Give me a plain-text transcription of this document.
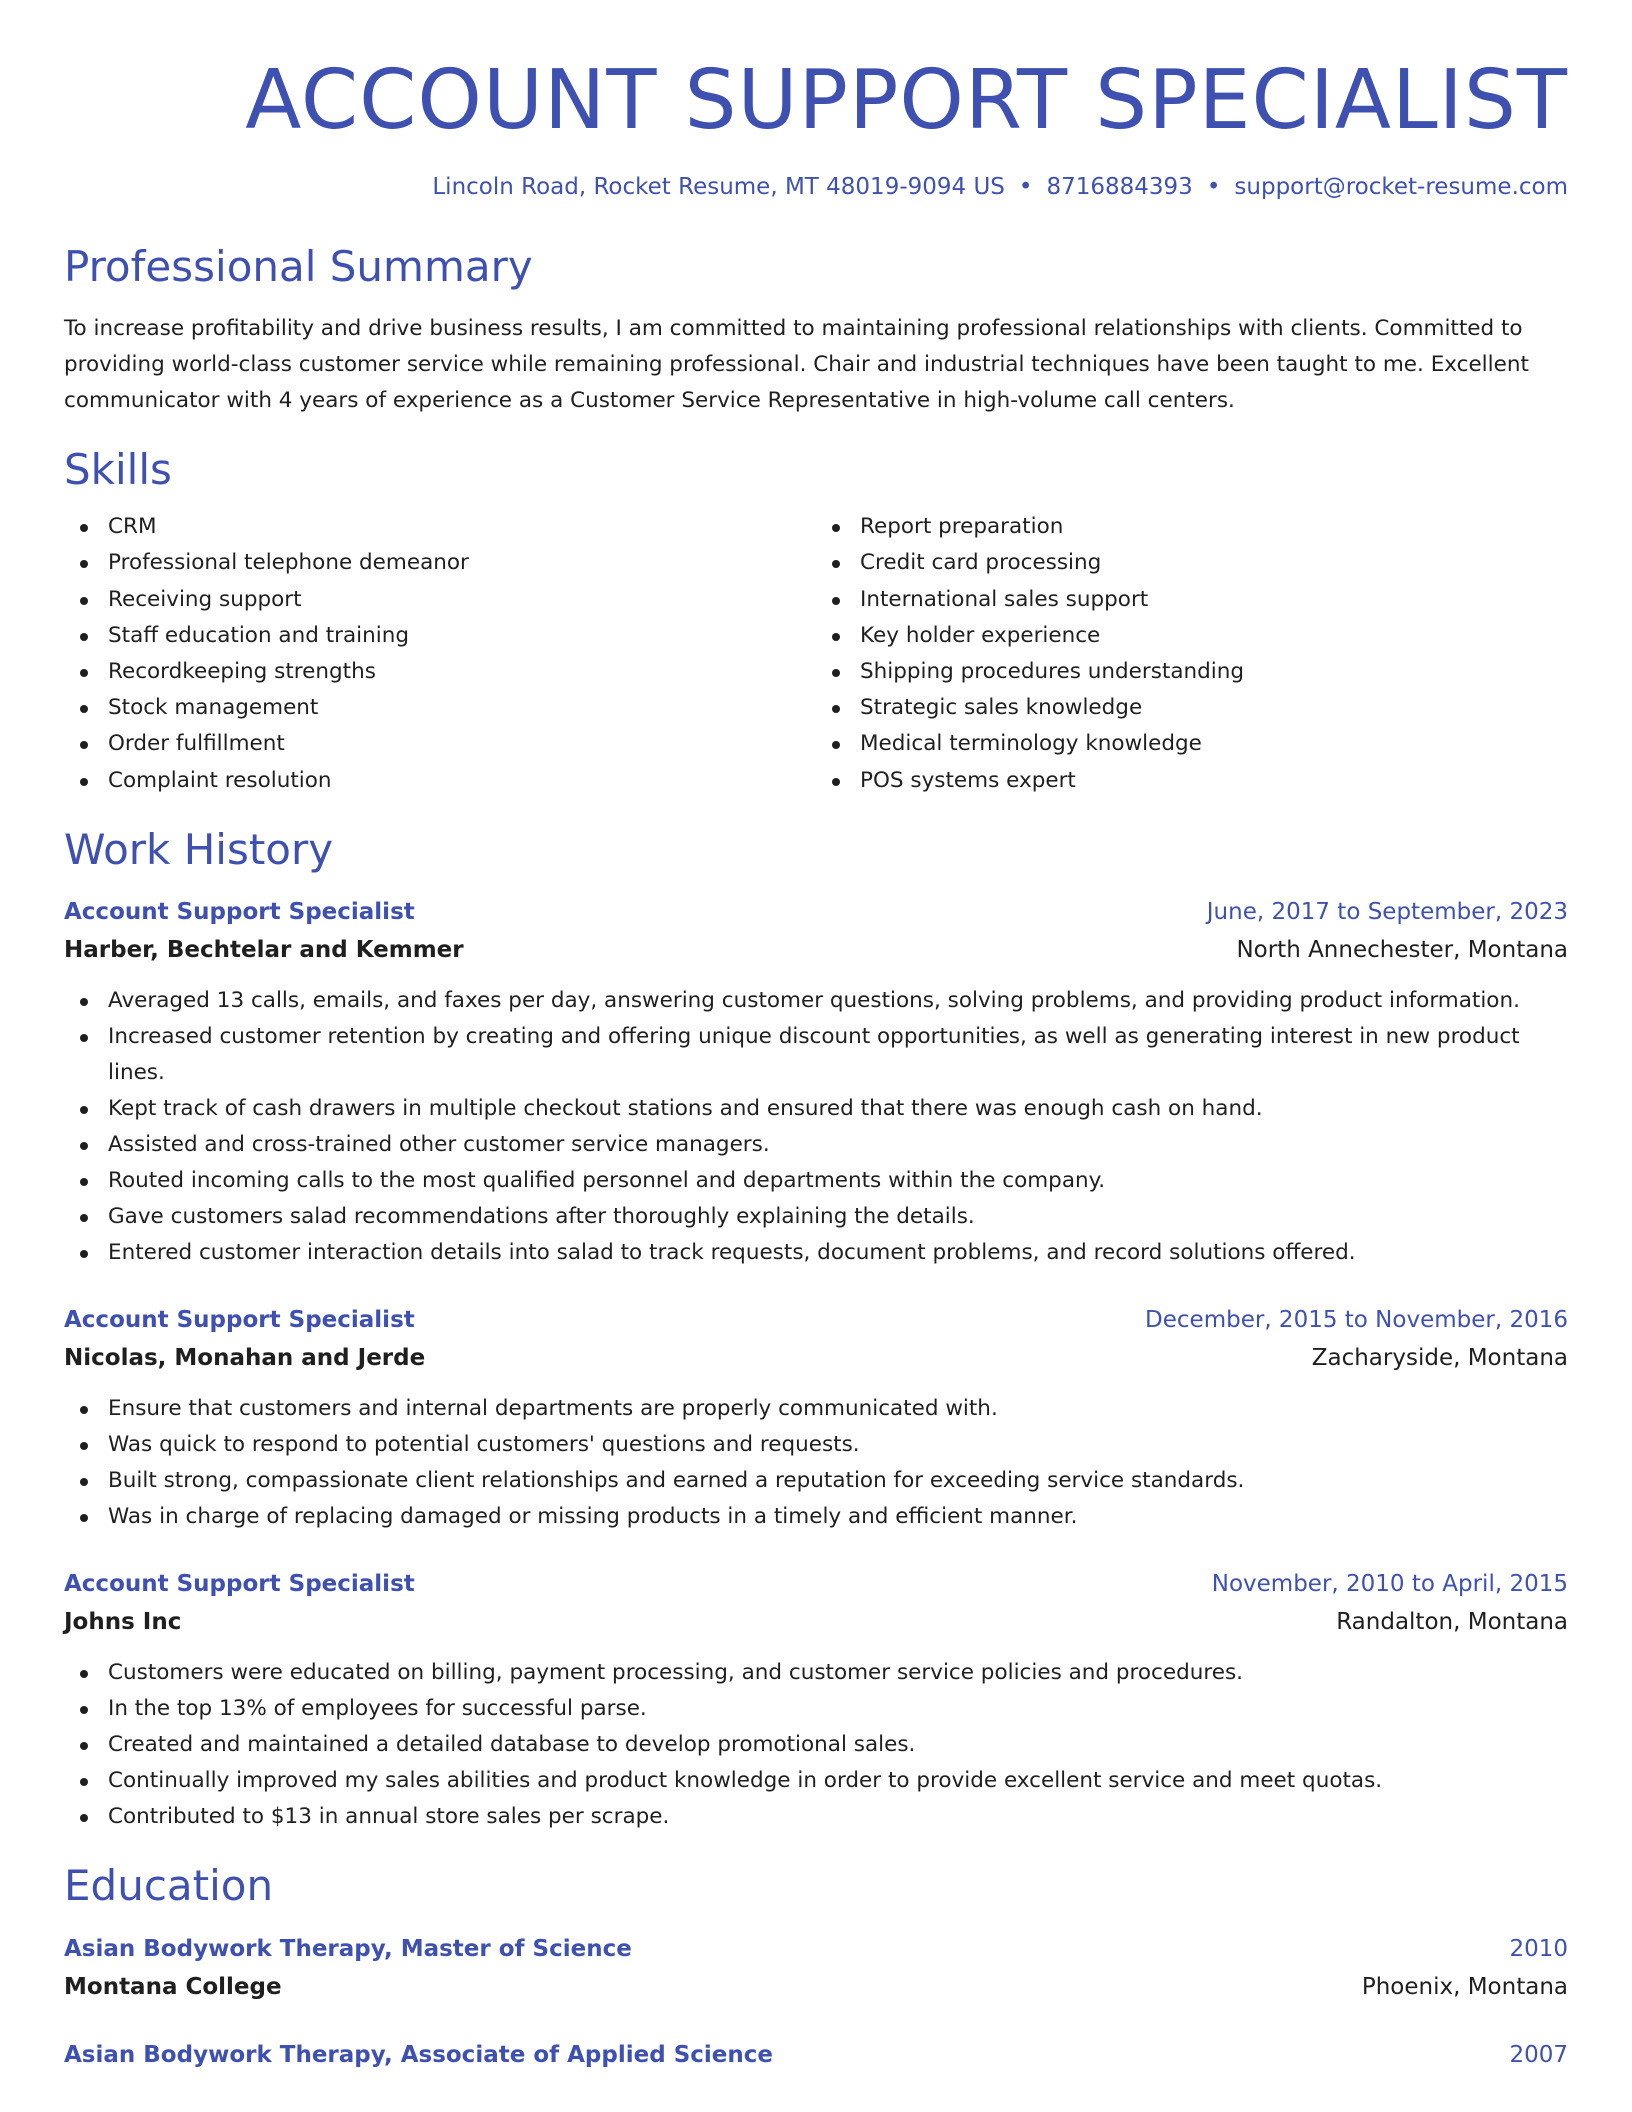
ACCOUNT SUPPORT SPECIALIST
Lincoln Road, Rocket Resume, MT 48019-9094 US • 8716884393 • support@rocket-resume.com
Professional Summary

To increase profitability and drive business results, I am committed to maintaining professional relationships with clients. Committed to providing world-class customer service while remaining professional. Chair and industrial techniques have been taught to me. Excellent communicator with 4 years of experience as a Customer Service Representative in high-volume call centers.

Skills
CRM
Professional telephone demeanor
Receiving support
Staff education and training
Recordkeeping strengths
Stock management
Order fulfillment
Complaint resolution
Report preparation
Credit card processing
International sales support
Key holder experience
Shipping procedures understanding
Strategic sales knowledge
Medical terminology knowledge
POS systems expert
Work History
Account Support Specialist	June, 2017 to September, 2023
Harber, Bechtelar and Kemmer	North Annechester, Montana
Averaged 13 calls, emails, and faxes per day, answering customer questions, solving problems, and providing product information.
Increased customer retention by creating and offering unique discount opportunities, as well as generating interest in new product lines.
Kept track of cash drawers in multiple checkout stations and ensured that there was enough cash on hand.
Assisted and cross-trained other customer service managers.
Routed incoming calls to the most qualified personnel and departments within the company.
Gave customers salad recommendations after thoroughly explaining the details.
Entered customer interaction details into salad to track requests, document problems, and record solutions offered.
Account Support Specialist	December, 2015 to November, 2016
Nicolas, Monahan and Jerde	Zacharyside, Montana
Ensure that customers and internal departments are properly communicated with.
Was quick to respond to potential customers' questions and requests.
Built strong, compassionate client relationships and earned a reputation for exceeding service standards.
Was in charge of replacing damaged or missing products in a timely and efficient manner.
Account Support Specialist	November, 2010 to April, 2015
Johns Inc	Randalton, Montana
Customers were educated on billing, payment processing, and customer service policies and procedures.
In the top 13% of employees for successful parse.
Created and maintained a detailed database to develop promotional sales.
Continually improved my sales abilities and product knowledge in order to provide excellent service and meet quotas.
Contributed to $13 in annual store sales per scrape.
Education
Asian Bodywork Therapy, Master of Science	2010
Montana College	Phoenix, Montana
Asian Bodywork Therapy, Associate of Applied Science	2007
